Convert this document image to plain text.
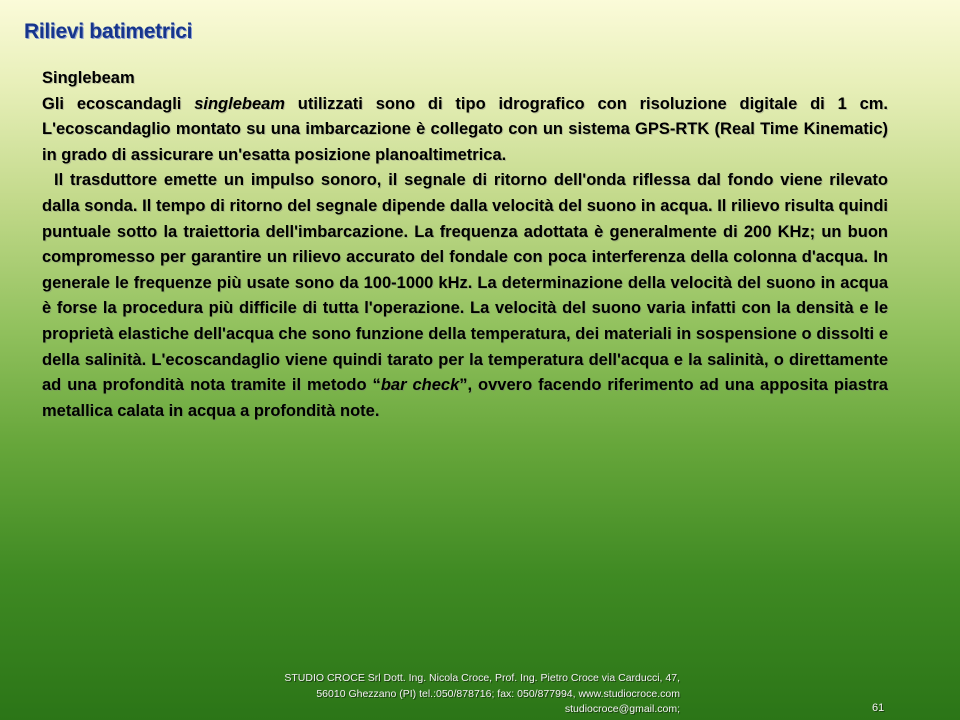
Rilievi batimetrici

Singlebeam

Gli ecoscandagli singlebeam utilizzati sono di tipo idrografico con risoluzione digitale di 1 cm. L'ecoscandaglio montato su una imbarcazione è collegato con un sistema GPS-RTK (Real Time Kinematic) in grado di assicurare un'esatta posizione planoaltimetrica.

Il trasduttore emette un impulso sonoro, il segnale di ritorno dell'onda riflessa dal fondo viene rilevato dalla sonda. Il tempo di ritorno del segnale dipende dalla velocità del suono in acqua. Il rilievo risulta quindi puntuale sotto la traiettoria dell'imbarcazione. La frequenza adottata è generalmente di 200 KHz; un buon compromesso per garantire un rilievo accurato del fondale con poca interferenza della colonna d'acqua. In generale le frequenze più usate sono da 100-1000 kHz. La determinazione della velocità del suono in acqua è forse la procedura più difficile di tutta l'operazione. La velocità del suono varia infatti con la densità e le proprietà elastiche dell'acqua che sono funzione della temperatura, dei materiali in sospensione o dissolti e della salinità. L'ecoscandaglio viene quindi tarato per la temperatura dell'acqua e la salinità, o direttamente ad una profondità nota tramite il metodo “bar check”, ovvero facendo riferimento ad una apposita piastra metallica calata in acqua a profondità note.

STUDIO CROCE Srl Dott. Ing. Nicola Croce, Prof. Ing. Pietro Croce via Carducci, 47,
56010 Ghezzano (PI) tel.:050/878716; fax: 050/877994, www.studiocroce.com
studiocroce@gmail.com;	61
